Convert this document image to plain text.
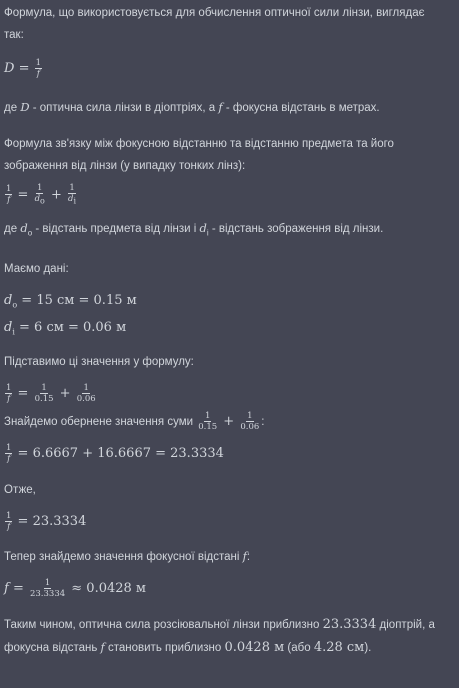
Формула, що використовується для обчислення оптичної сили лінзи, виглядає
так:

$D = \frac{1}{f}$

де D - оптична сила лінзи в діоптріях, а f - фокусна відстань в метрах.

Формула зв'язку між фокусною відстанню та відстанню предмета та його
зображення від лінзи (у випадку тонких лінз):

$\frac{1}{f} = \frac{1}{d_o} + \frac{1}{d_i}$

де $d_o$ - відстань предмета від лінзи і $d_i$ - відстань зображення від лінзи.

Маємо дані:

$d_o = 15$ см = 0.15 м
$d_i = 6$ см = 0.06 м

Підставимо ці значення у формулу:

$\frac{1}{f} = \frac{1}{0.15} + \frac{1}{0.06}$

Знайдемо обернене значення суми $\frac{1}{0.15} + \frac{1}{0.06}$ :

$\frac{1}{f} = 6.6667 + 16.6667 = 23.3334$

Отже,

$\frac{1}{f} = 23.3334$

Тепер знайдемо значення фокусної відстані f:

$f = \frac{1}{23.3334} \approx 0.0428$ м

Таким чином, оптична сила розсіювальної лінзи приблизно 23.3334 діоптрій, а
фокусна відстань f становить приблизно 0.0428 м (або 4.28 см).
